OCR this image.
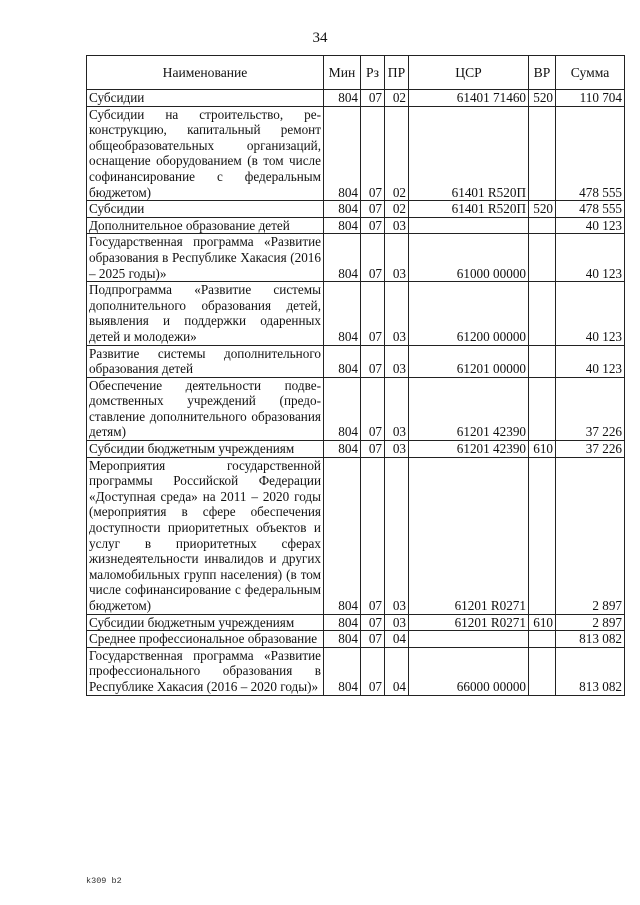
34
Наименование	Мин	Рз	ПР	ЦСР	ВР	Сумма
Субсидии	804	07	02	61401 71460	520	110 704
Субсидии на строительство, реконструкцию, капитальный ремонт общеобразовательных организаций, оснащение оборудованием (в том числе софинансирование с федеральным бюджетом)	804	07	02	61401 R520П		478 555
Субсидии	804	07	02	61401 R520П	520	478 555
Дополнительное образование детей	804	07	03			40 123
Государственная программа «Развитие образования в Республике Хакасия (2016 – 2025 годы)»	804	07	03	61000 00000		40 123
Подпрограмма «Развитие системы дополнительного образования детей, выявления и поддержки одаренных детей и молодежи»	804	07	03	61200 00000		40 123
Развитие системы дополнительного образования детей	804	07	03	61201 00000		40 123
Обеспечение деятельности подведомственных учреждений (предоставление дополнительного образования детям)	804	07	03	61201 42390		37 226
Субсидии бюджетным учреждениям	804	07	03	61201 42390	610	37 226
Мероприятия государственной программы Российской Федерации «Доступная среда» на 2011 – 2020 годы (мероприятия в сфере обеспечения доступности приоритетных объектов и услуг в приоритетных сферах жизнедеятельности инвалидов и других маломобильных групп населения) (в том числе софинансирование с федеральным бюджетом)	804	07	03	61201 R0271		2 897
Субсидии бюджетным учреждениям	804	07	03	61201 R0271	610	2 897
Среднее профессиональное образование	804	07	04			813 082
Государственная программа «Развитие профессионального образования в Республике Хакасия (2016 – 2020 годы)»	804	07	04	66000 00000		813 082
k309 b2
